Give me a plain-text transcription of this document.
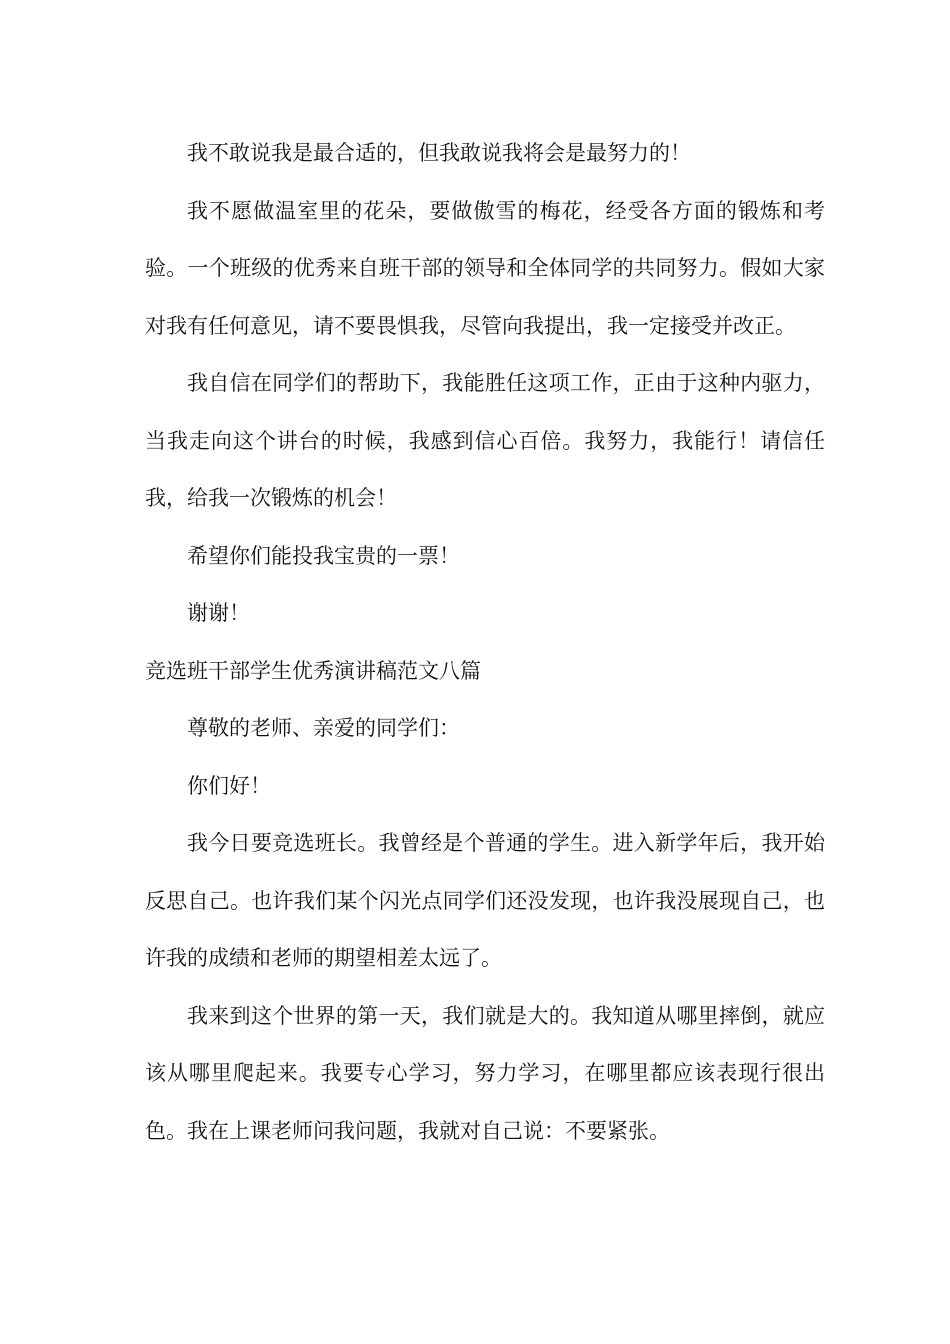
我不敢说我是最合适的，但我敢说我将会是最努力的！

我不愿做温室里的花朵，要做傲雪的梅花，经受各方面的锻炼和考验。一个班级的优秀来自班干部的领导和全体同学的共同努力。假如大家对我有任何意见，请不要畏惧我，尽管向我提出，我一定接受并改正。

我自信在同学们的帮助下，我能胜任这项工作，正由于这种内驱力，当我走向这个讲台的时候，我感到信心百倍。我努力，我能行！请信任我，给我一次锻炼的机会！

希望你们能投我宝贵的一票！

谢谢！

竞选班干部学生优秀演讲稿范文八篇

尊敬的老师、亲爱的同学们：

你们好！

我今日要竞选班长。我曾经是个普通的学生。进入新学年后，我开始反思自己。也许我们某个闪光点同学们还没发现，也许我没展现自己，也许我的成绩和老师的期望相差太远了。

我来到这个世界的第一天，我们就是大的。我知道从哪里摔倒，就应该从哪里爬起来。我要专心学习，努力学习，在哪里都应该表现行很出色。我在上课老师问我问题，我就对自己说：不要紧张。
